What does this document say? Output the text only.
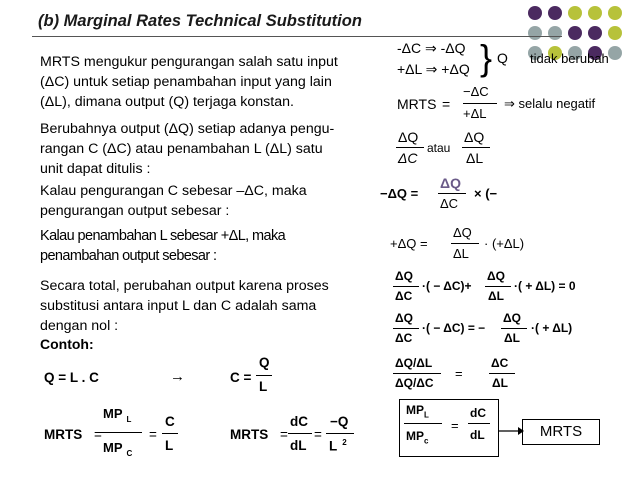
(b) Marginal Rates Technical Substitution
MRTS mengukur pengurangan salah satu input
(ΔC) untuk setiap penambahan input yang lain
(ΔL), dimana output (Q) terjaga konstan.
Berubahnya output (ΔQ) setiap adanya pengu-
rangan C (ΔC) atau penambahan L (ΔL) satu
unit dapat ditulis :
Kalau pengurangan C sebesar –ΔC, maka
pengurangan output sebesar :
Kalau penambahan L sebesar +ΔL, maka
penambahan output sebesar :
Secara total, perubahan output karena proses
substitusi antara input L dan C adalah sama
dengan nol :
Contoh:
-ΔC ⇒ -ΔQ
+ΔL ⇒ +ΔQ } Q tidak berubah
MRTS =
−ΔC
+ΔL
⇒ selalu negatif
ΔQ
ΔC
atau
ΔQ
ΔL
−ΔQ =
ΔQ
ΔC
× (−
+ΔQ =
ΔQ
ΔL
· (+ΔL)
ΔQ
ΔC
·( − ΔC)+
ΔQ
ΔL
·( + ΔL) = 0
ΔQ
ΔC
·( − ΔC) = −
ΔQ
ΔL
·( + ΔL)
ΔQ/ΔL
ΔQ/ΔC
=
ΔC
ΔL
$MP_L$
$MP_c$
=
dC
dL	MRTS
Q = L . C	→	C =
Q
L
MRTS =
MP $_L$
MP $_C$
=
C
L
MRTS =
dC
dL
=
−Q
L $^2$
